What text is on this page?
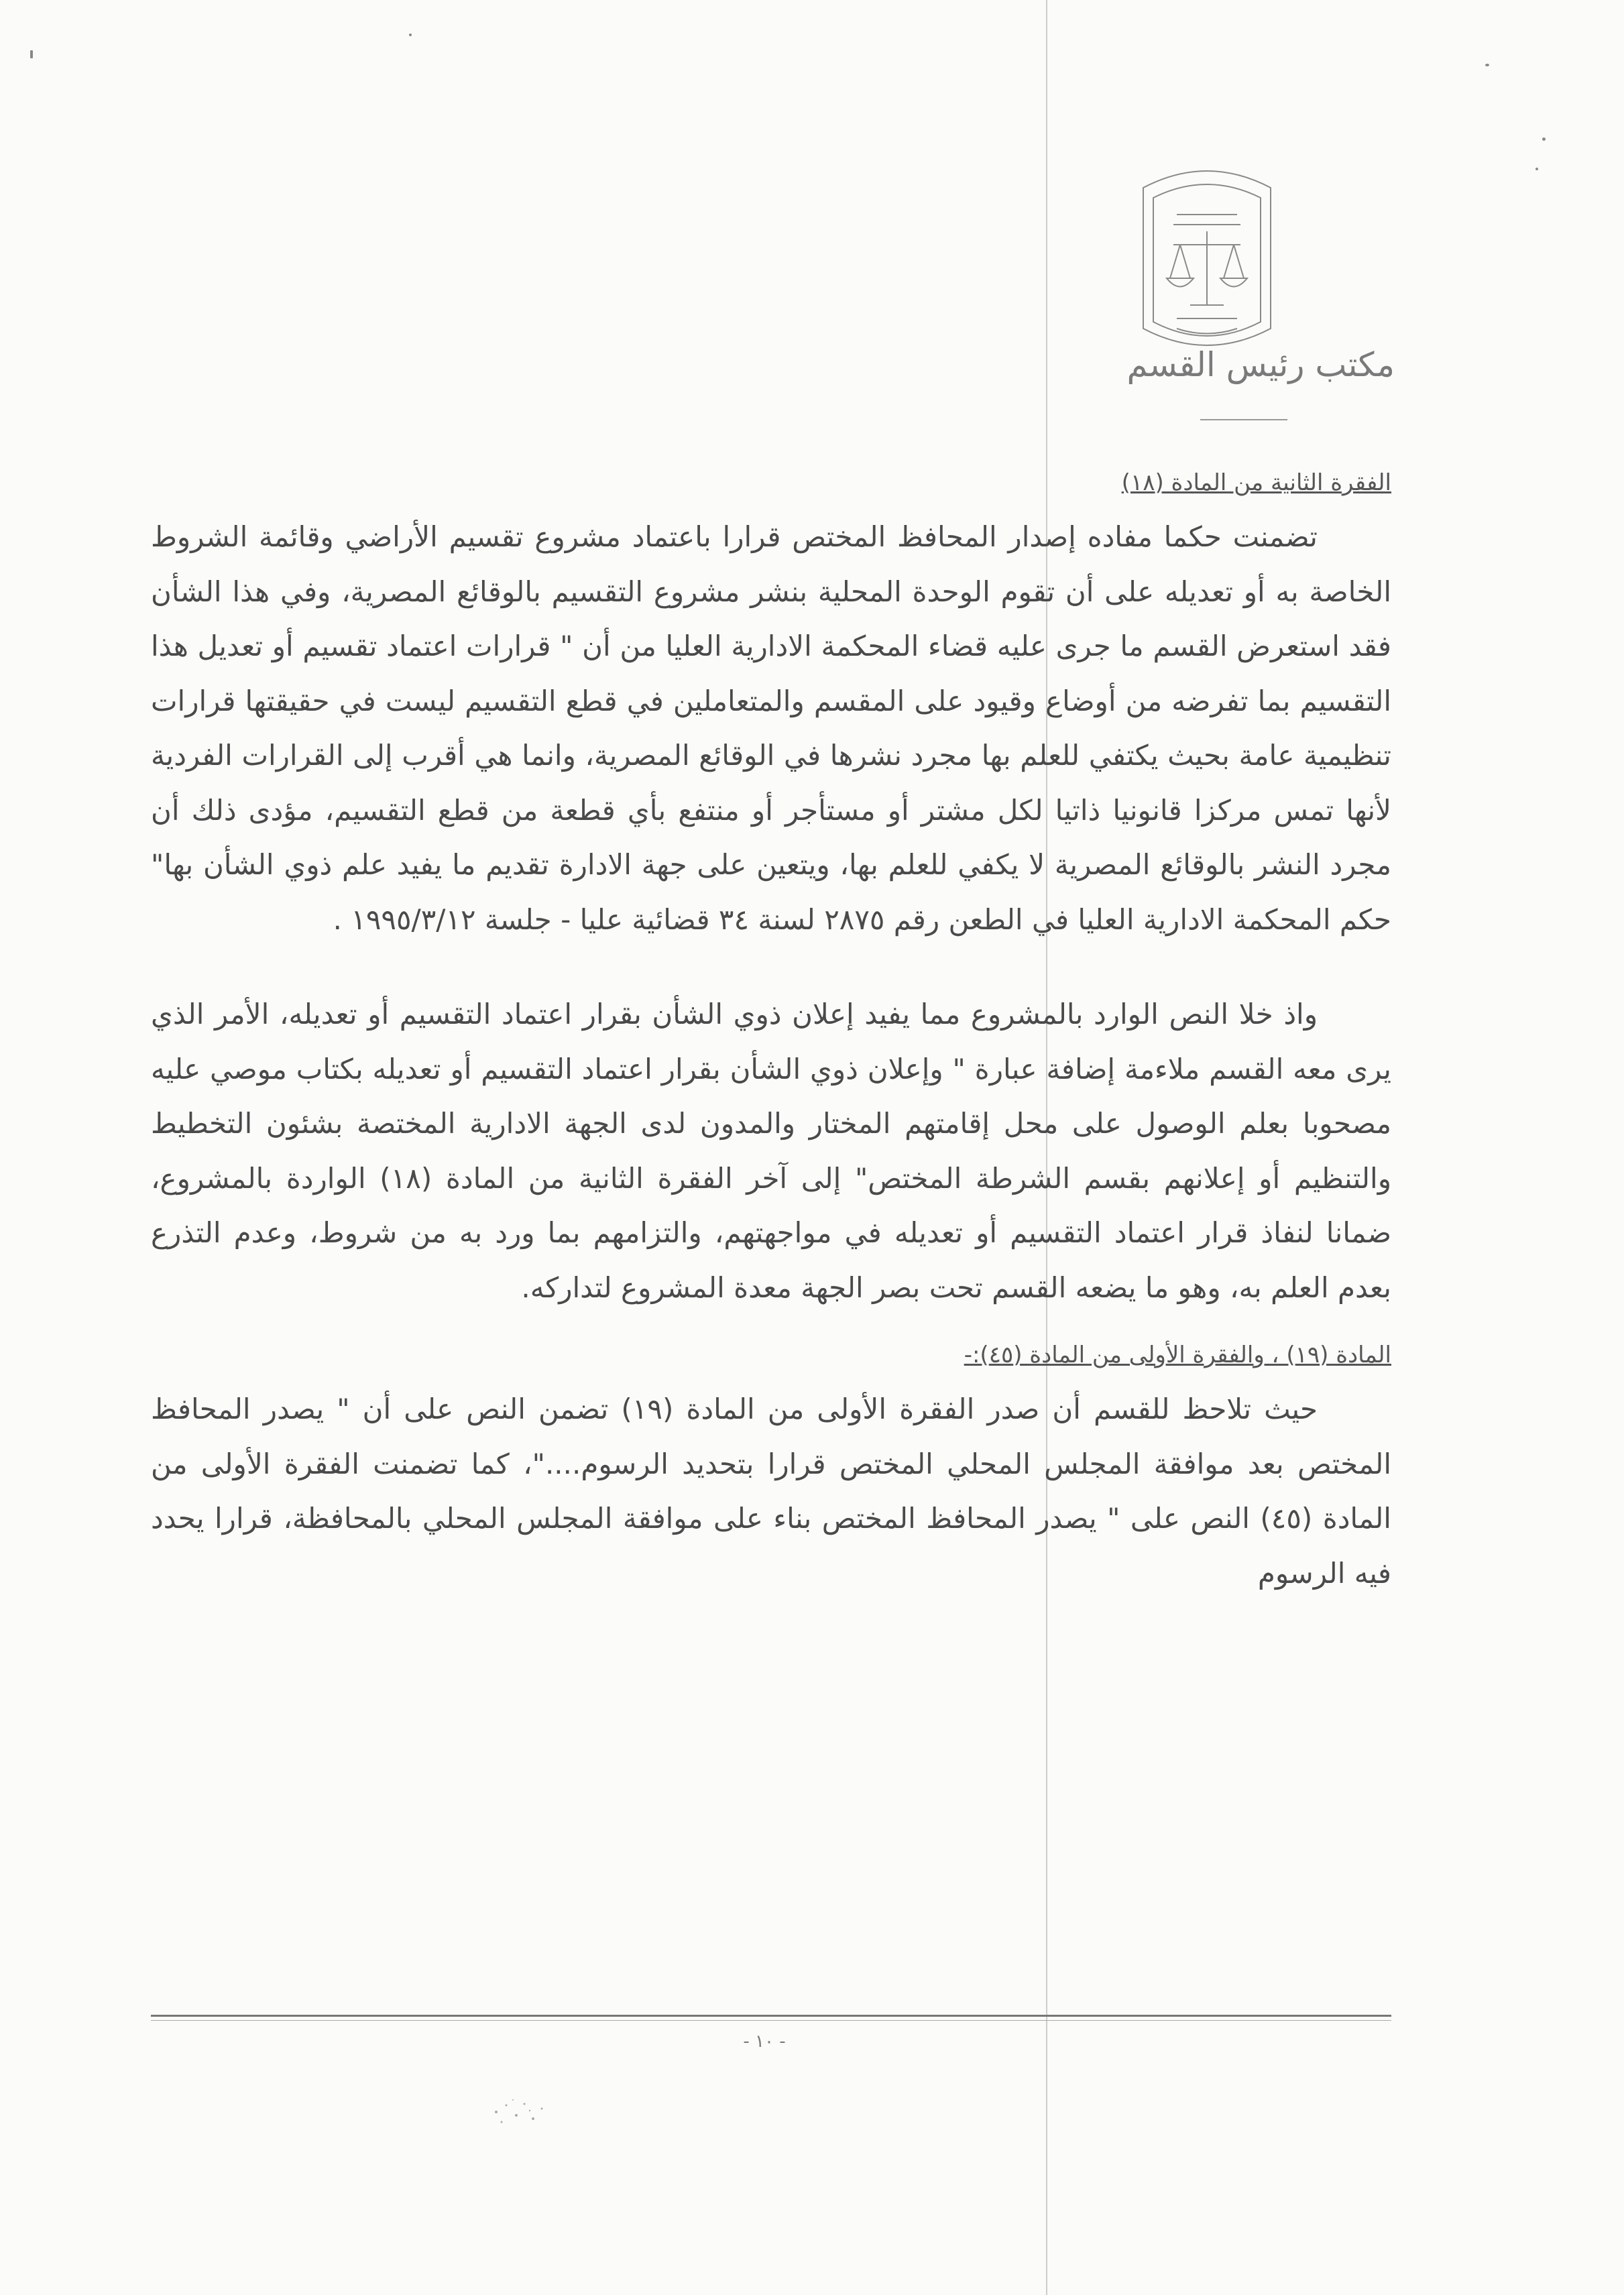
مكتب رئيس القسم
الفقرة الثانية من المادة (١٨)

تضمنت حكما مفاده إصدار المحافظ المختص قرارا باعتماد مشروع تقسيم الأراضي وقائمة الشروط الخاصة به أو تعديله على أن تقوم الوحدة المحلية بنشر مشروع التقسيم بالوقائع المصرية، وفي هذا الشأن فقد استعرض القسم ما جرى عليه قضاء المحكمة الادارية العليا من أن " قرارات اعتماد تقسيم أو تعديل هذا التقسيم بما تفرضه من أوضاع وقيود على المقسم والمتعاملين في قطع التقسيم ليست في حقيقتها قرارات تنظيمية عامة بحيث يكتفي للعلم بها مجرد نشرها في الوقائع المصرية، وانما هي أقرب إلى القرارات الفردية لأنها تمس مركزا قانونيا ذاتيا لكل مشتر أو مستأجر أو منتفع بأي قطعة من قطع التقسيم، مؤدى ذلك أن مجرد النشر بالوقائع المصرية لا يكفي للعلم بها، ويتعين على جهة الادارة تقديم ما يفيد علم ذوي الشأن بها" حكم المحكمة الادارية العليا في الطعن رقم ٢٨٧٥ لسنة ٣٤ قضائية عليا - جلسة ١٩٩٥/٣/١٢ .

واذ خلا النص الوارد بالمشروع مما يفيد إعلان ذوي الشأن بقرار اعتماد التقسيم أو تعديله، الأمر الذي يرى معه القسم ملاءمة إضافة عبارة " وإعلان ذوي الشأن بقرار اعتماد التقسيم أو تعديله بكتاب موصي عليه مصحوبا بعلم الوصول على محل إقامتهم المختار والمدون لدى الجهة الادارية المختصة بشئون التخطيط والتنظيم أو إعلانهم بقسم الشرطة المختص" إلى آخر الفقرة الثانية من المادة (١٨) الواردة بالمشروع، ضمانا لنفاذ قرار اعتماد التقسيم أو تعديله في مواجهتهم، والتزامهم بما ورد به من شروط، وعدم التذرع بعدم العلم به، وهو ما يضعه القسم تحت بصر الجهة معدة المشروع لتداركه.

المادة (١٩) ، والفقرة الأولى من المادة (٤٥):-

حيث تلاحظ للقسم أن صدر الفقرة الأولى من المادة (١٩) تضمن النص على أن " يصدر المحافظ المختص بعد موافقة المجلس المحلي المختص قرارا بتحديد الرسوم...."، كما تضمنت الفقرة الأولى من المادة (٤٥) النص على " يصدر المحافظ المختص بناء على موافقة المجلس المحلي بالمحافظة، قرارا يحدد فيه الرسوم

- ١٠ -
